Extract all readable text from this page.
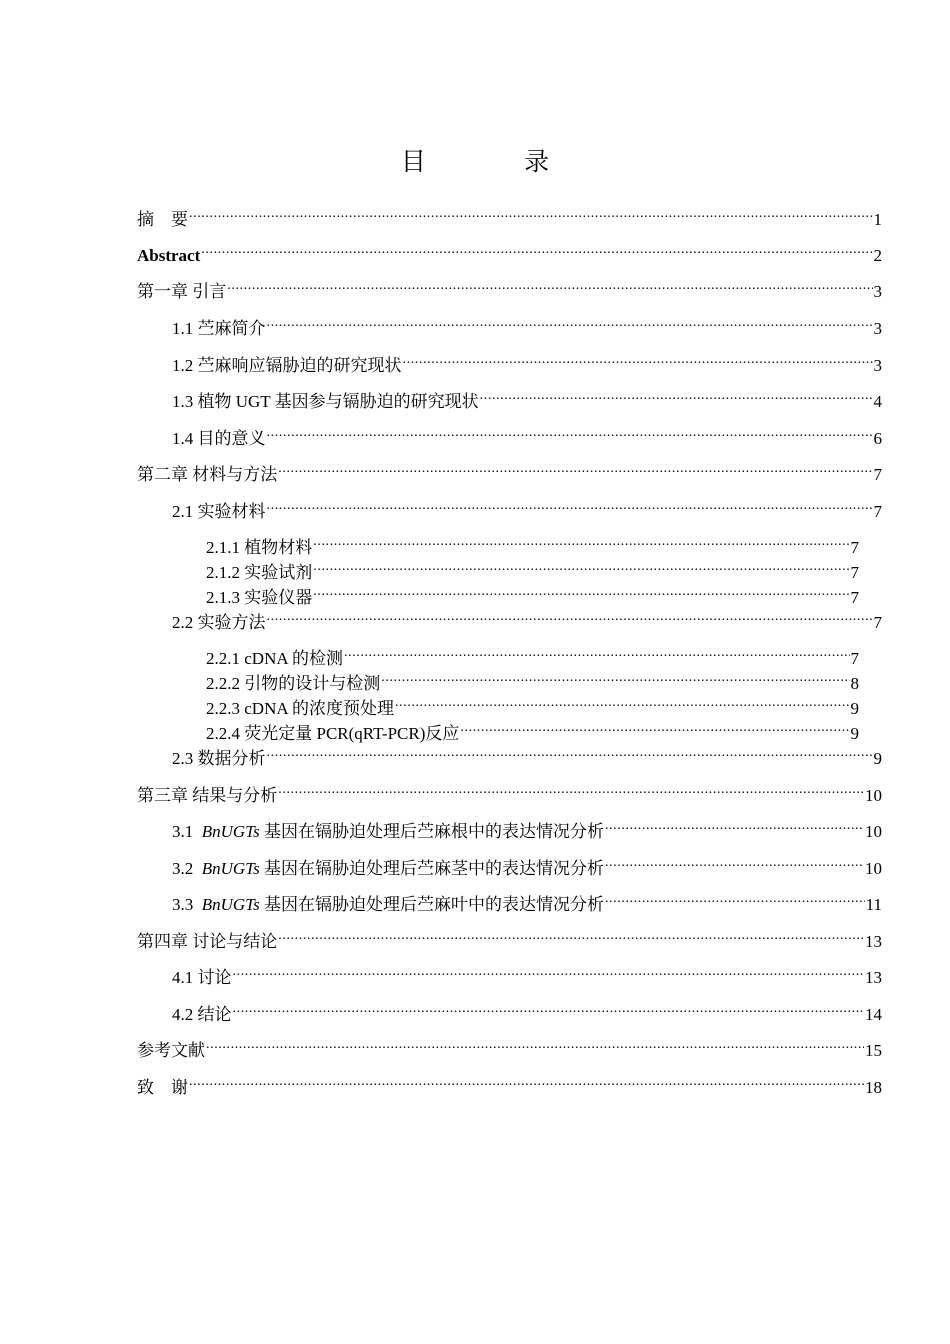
目 录
摘　要 .....	1
Abstract .....	2
第一章 引言 .....	3
1.1 苎麻简介 .....	3
1.2 苎麻响应镉胁迫的研究现状 .....	3
1.3 植物 UGT 基因参与镉胁迫的研究现状 .....	4
1.4 目的意义 .....	6
第二章 材料与方法 .....	7
2.1 实验材料 .....	7
2.1.1 植物材料 .....	7
2.1.2 实验试剂 .....	7
2.1.3 实验仪器 .....	7
2.2 实验方法 .....	7
2.2.1 cDNA 的检测 .....	7
2.2.2 引物的设计与检测 .....	8
2.2.3 cDNA 的浓度预处理 .....	9
2.2.4 荧光定量 PCR(qRT-PCR)反应 .....	9
2.3 数据分析 .....	9
第三章 结果与分析 .....	10
3.1 BnUGTs 基因在镉胁迫处理后苎麻根中的表达情况分析 .....	10
3.2 BnUGTs 基因在镉胁迫处理后苎麻茎中的表达情况分析 .....	10
3.3 BnUGTs 基因在镉胁迫处理后苎麻叶中的表达情况分析 .....	11
第四章 讨论与结论 .....	13
4.1 讨论 .....	13
4.2 结论 .....	14
参考文献 .....	15
致　谢 .....	18
